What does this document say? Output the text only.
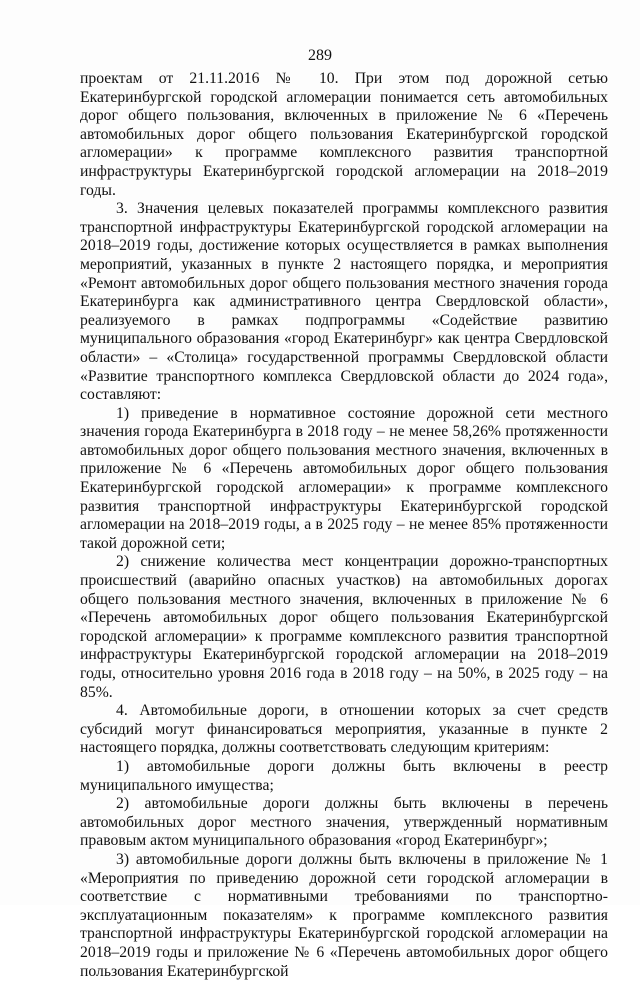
289

проектам от 21.11.2016 № 10. При этом под дорожной сетью Екатеринбургской городской агломерации понимается сеть автомобильных дорог общего пользования, включенных в приложение № 6 «Перечень автомобильных дорог общего пользования Екатеринбургской городской агломерации» к программе комплексного развития транспортной инфраструктуры Екатеринбургской городской агломерации на 2018–2019 годы.

3. Значения целевых показателей программы комплексного развития транспортной инфраструктуры Екатеринбургской городской агломерации на 2018–2019 годы, достижение которых осуществляется в рамках выполнения мероприятий, указанных в пункте 2 настоящего порядка, и мероприятия «Ремонт автомобильных дорог общего пользования местного значения города Екатеринбурга как административного центра Свердловской области», реализуемого в рамках подпрограммы «Содействие развитию муниципального образования «город Екатеринбург» как центра Свердловской области» – «Столица» государственной программы Свердловской области «Развитие транспортного комплекса Свердловской области до 2024 года», составляют:

1) приведение в нормативное состояние дорожной сети местного значения города Екатеринбурга в 2018 году – не менее 58,26% протяженности автомобильных дорог общего пользования местного значения, включенных в приложение № 6 «Перечень автомобильных дорог общего пользования Екатеринбургской городской агломерации» к программе комплексного развития транспортной инфраструктуры Екатеринбургской городской агломерации на 2018–2019 годы, а в 2025 году – не менее 85% протяженности такой дорожной сети;

2) снижение количества мест концентрации дорожно-транспортных происшествий (аварийно опасных участков) на автомобильных дорогах общего пользования местного значения, включенных в приложение № 6 «Перечень автомобильных дорог общего пользования Екатеринбургской городской агломерации» к программе комплексного развития транспортной инфраструктуры Екатеринбургской городской агломерации на 2018–2019 годы, относительно уровня 2016 года в 2018 году – на 50%, в 2025 году – на 85%.

4. Автомобильные дороги, в отношении которых за счет средств субсидий могут финансироваться мероприятия, указанные в пункте 2 настоящего порядка, должны соответствовать следующим критериям:

1) автомобильные дороги должны быть включены в реестр муниципального имущества;

2) автомобильные дороги должны быть включены в перечень автомобильных дорог местного значения, утвержденный нормативным правовым актом муниципального образования «город Екатеринбург»;

3) автомобильные дороги должны быть включены в приложение № 1 «Мероприятия по приведению дорожной сети городской агломерации в соответствие с нормативными требованиями по транспортно-эксплуатационным показателям» к программе комплексного развития транспортной инфраструктуры Екатеринбургской городской агломерации на 2018–2019 годы и приложение № 6 «Перечень автомобильных дорог общего пользования Екатеринбургской
